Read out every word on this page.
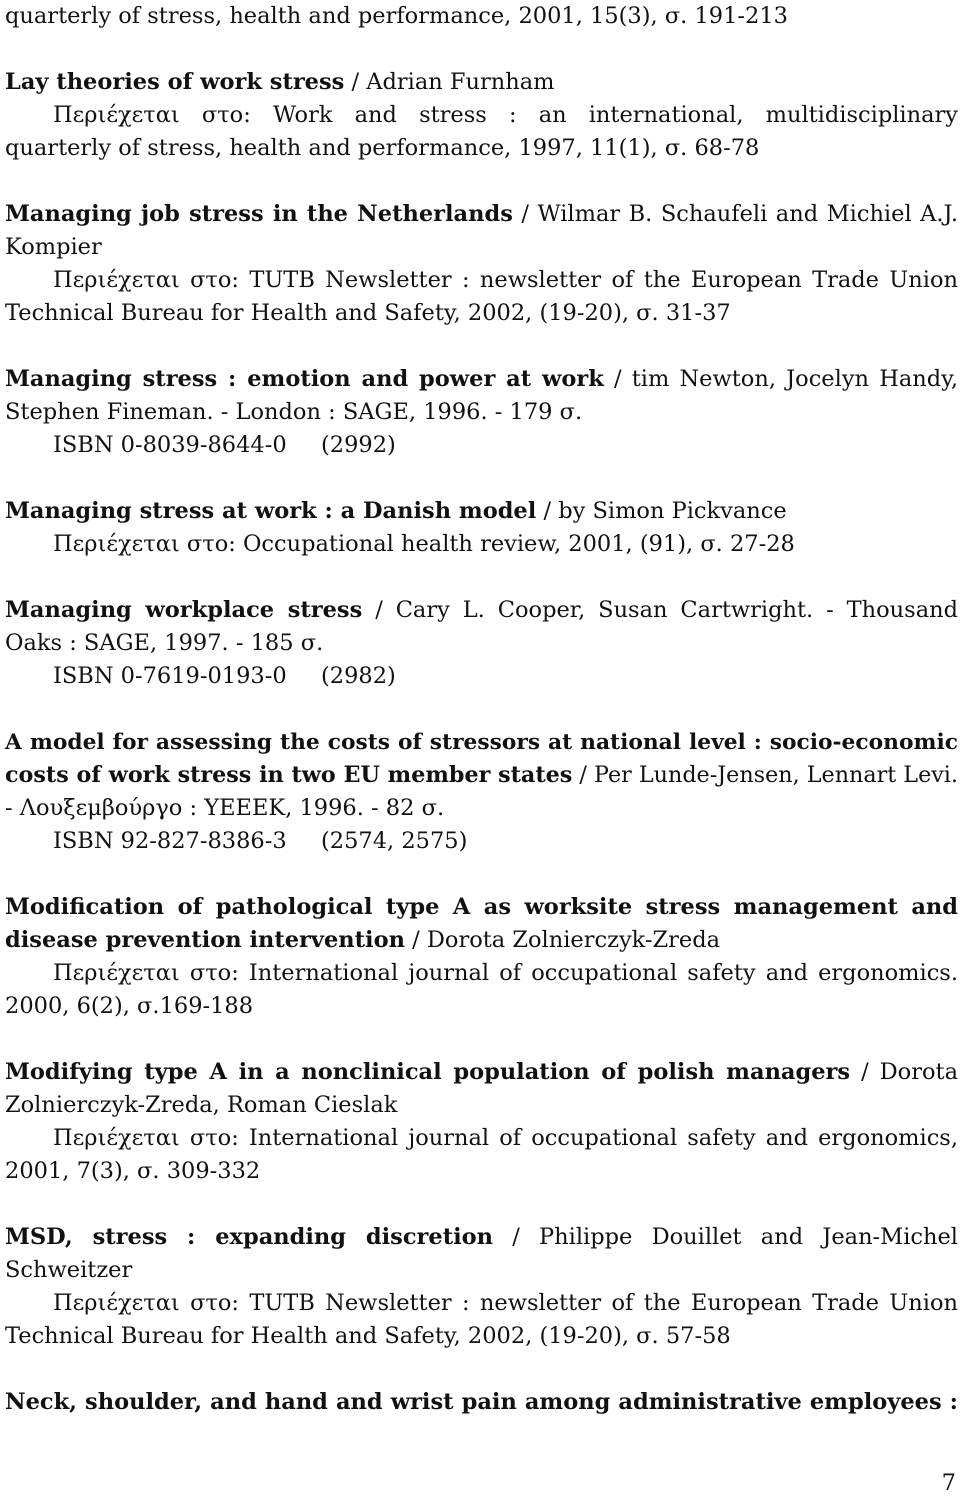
quarterly of stress, health and performance, 2001, 15(3), σ. 191-213
Lay theories of work stress / Adrian Furnham
Περιέχεται στο: Work and stress : an international, multidisciplinary
quarterly of stress, health and performance, 1997, 11(1), σ. 68-78
Managing job stress in the Netherlands / Wilmar B. Schaufeli and Michiel A.J.
Kompier
Περιέχεται στο: TUTB Newsletter : newsletter of the European Trade Union
Technical Bureau for Health and Safety, 2002, (19-20), σ. 31-37
Managing stress : emotion and power at work / tim Newton, Jocelyn Handy,
Stephen Fineman. - London : SAGE, 1996. - 179 σ.
ISBN 0-8039-8644-0 (2992)
Managing stress at work : a Danish model / by Simon Pickvance
Περιέχεται στο: Occupational health review, 2001, (91), σ. 27-28
Managing workplace stress / Cary L. Cooper, Susan Cartwright. - Thousand
Oaks : SAGE, 1997. - 185 σ.
ISBN 0-7619-0193-0 (2982)
A model for assessing the costs of stressors at national level : socio-economic
costs of work stress in two EU member states / Per Lunde-Jensen, Lennart Levi.
- Λουξεμβούργο : ΥΕΕΕΚ, 1996. - 82 σ.
ISBN 92-827-8386-3 (2574, 2575)
Modification of pathological type A as worksite stress management and
disease prevention intervention / Dorota Zolnierczyk-Zreda
Περιέχεται στο: International journal of occupational safety and ergonomics.
2000, 6(2), σ.169-188
Modifying type A in a nonclinical population of polish managers / Dorota
Zolnierczyk-Zreda, Roman Cieslak
Περιέχεται στο: International journal of occupational safety and ergonomics,
2001, 7(3), σ. 309-332
MSD, stress : expanding discretion / Philippe Douillet and Jean-Michel
Schweitzer
Περιέχεται στο: TUTB Newsletter : newsletter of the European Trade Union
Technical Bureau for Health and Safety, 2002, (19-20), σ. 57-58
Neck, shoulder, and hand and wrist pain among administrative employees :
7
